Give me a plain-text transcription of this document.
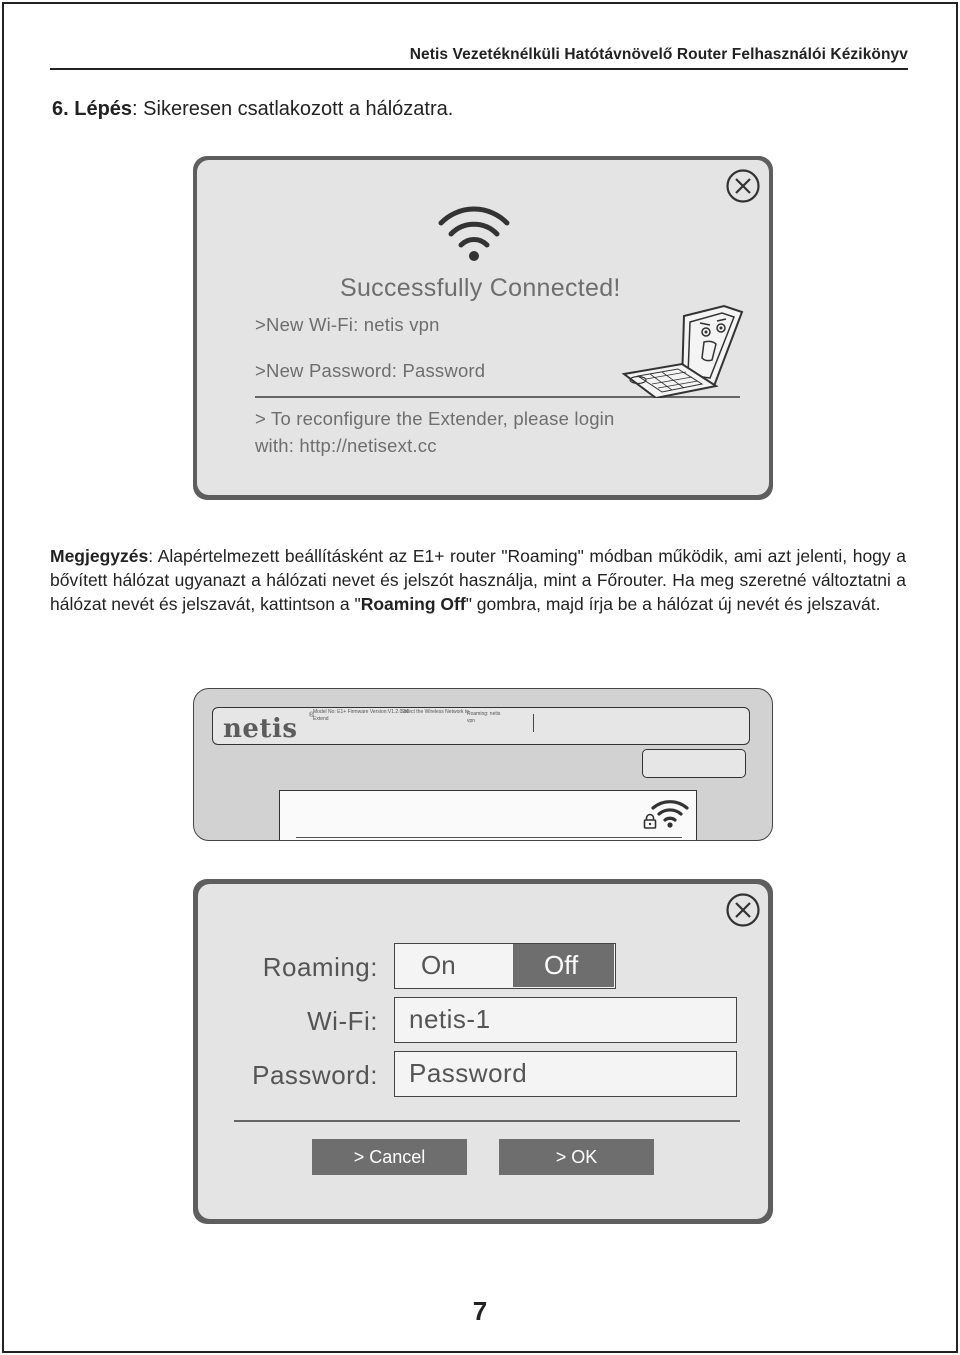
Netis Vezetéknélküli Hatótávnövelő Router Felhasználói Kézikönyv
6. Lépés: Sikeresen csatlakozott a hálózatra.
Successfully Connected!
>New Wi-Fi: netis vpn
>New Password: Password
> To reconfigure the Extender, please login
with: http://netisext.cc
Megjegyzés: Alapértelmezett beállításként az E1+ router "Roaming" módban működik, ami azt jelenti, hogy a bővített hálózat ugyanazt a hálózati nevet és jelszót használja, mint a Főrouter. Ha meg szeretné változtatni a hálózat nevét és jelszavát, kattintson a "Roaming Off" gombra, majd írja be a hálózat új nevét és jelszavát.
netis ®
Model No: E1+ Firmware Version:V1.2.0.50
Extend
Select the Wireless Network to
Roaming: netis
vpn
Roaming:	On	Off
Wi-Fi:	netis-1
Password:	Password
> Cancel	> OK
7
